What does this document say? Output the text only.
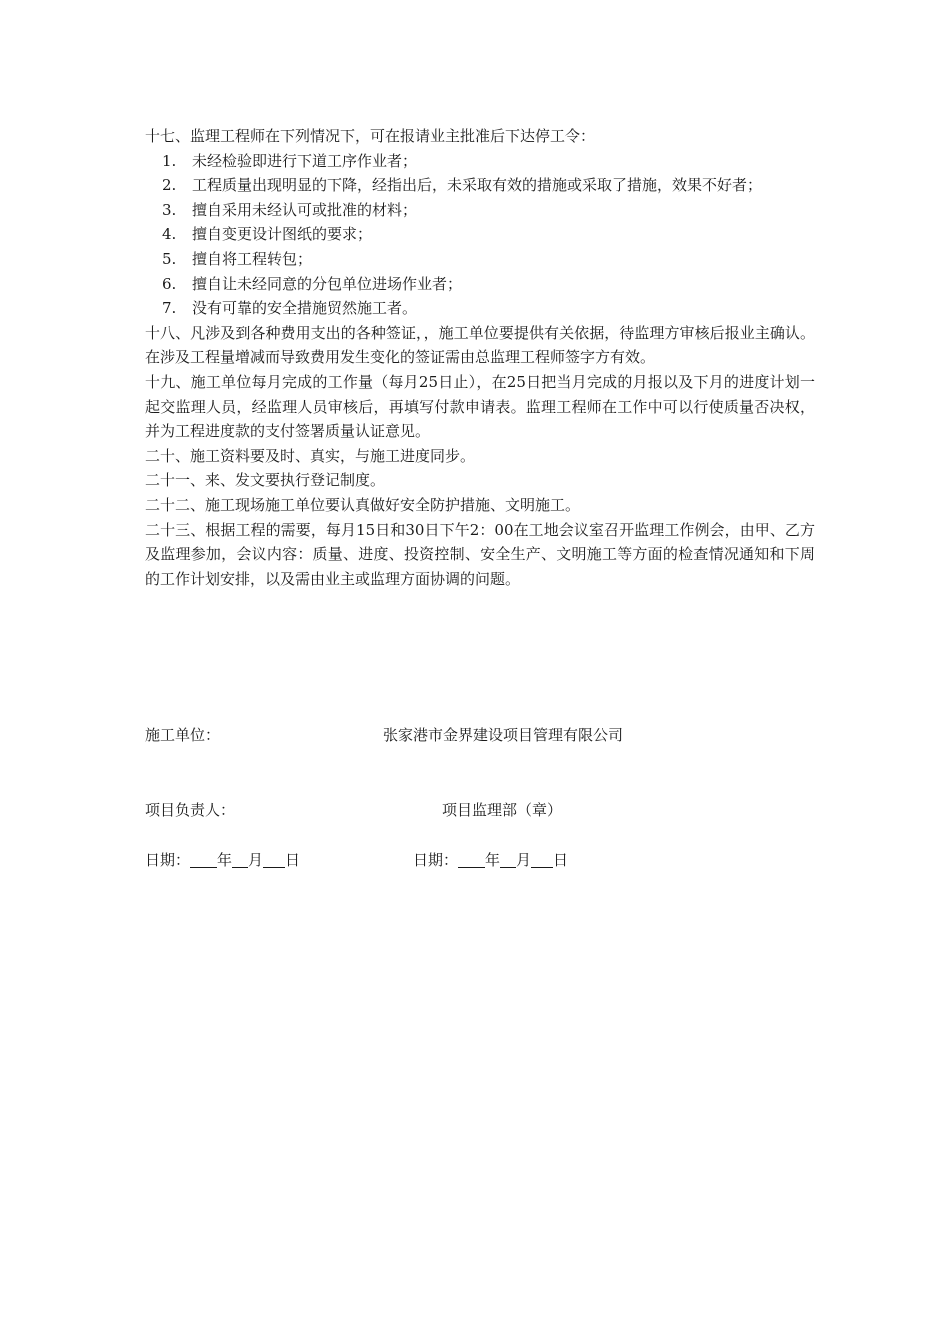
十七、监理工程师在下列情况下，可在报请业主批准后下达停工令：

1. 未经检验即进行下道工序作业者；
2. 工程质量出现明显的下降，经指出后，未采取有效的措施或采取了措施，效果不好者；
3. 擅自采用未经认可或批准的材料；
4. 擅自变更设计图纸的要求；
5. 擅自将工程转包；
6. 擅自让未经同意的分包单位进场作业者；
7. 没有可靠的安全措施贸然施工者。

十八、凡涉及到各种费用支出的各种签证，，施工单位要提供有关依据，待监理方审核后报业主确认。在涉及工程量增减而导致费用发生变化的签证需由总监理工程师签字方有效。

十九、施工单位每月完成的工作量（每月25日止），在25日把当月完成的月报以及下月的进度计划一起交监理人员，经监理人员审核后，再填写付款申请表。监理工程师在工作中可以行使质量否决权，并为工程进度款的支付签署质量认证意见。

二十、施工资料要及时、真实，与施工进度同步。

二十一、来、发文要执行登记制度。

二十二、施工现场施工单位要认真做好安全防护措施、文明施工。

二十三、根据工程的需要，每月15日和30日下午2：00在工地会议室召开监理工作例会，由甲、乙方及监理参加，会议内容：质量、进度、投资控制、安全生产、文明施工等方面的检查情况通知和下周的工作计划安排，以及需由业主或监理方面协调的问题。

施工单位：	张家港市金界建设项目管理有限公司
项目负责人：	项目监理部（章）
日期： 年 月 日	日期： 年 月 日
